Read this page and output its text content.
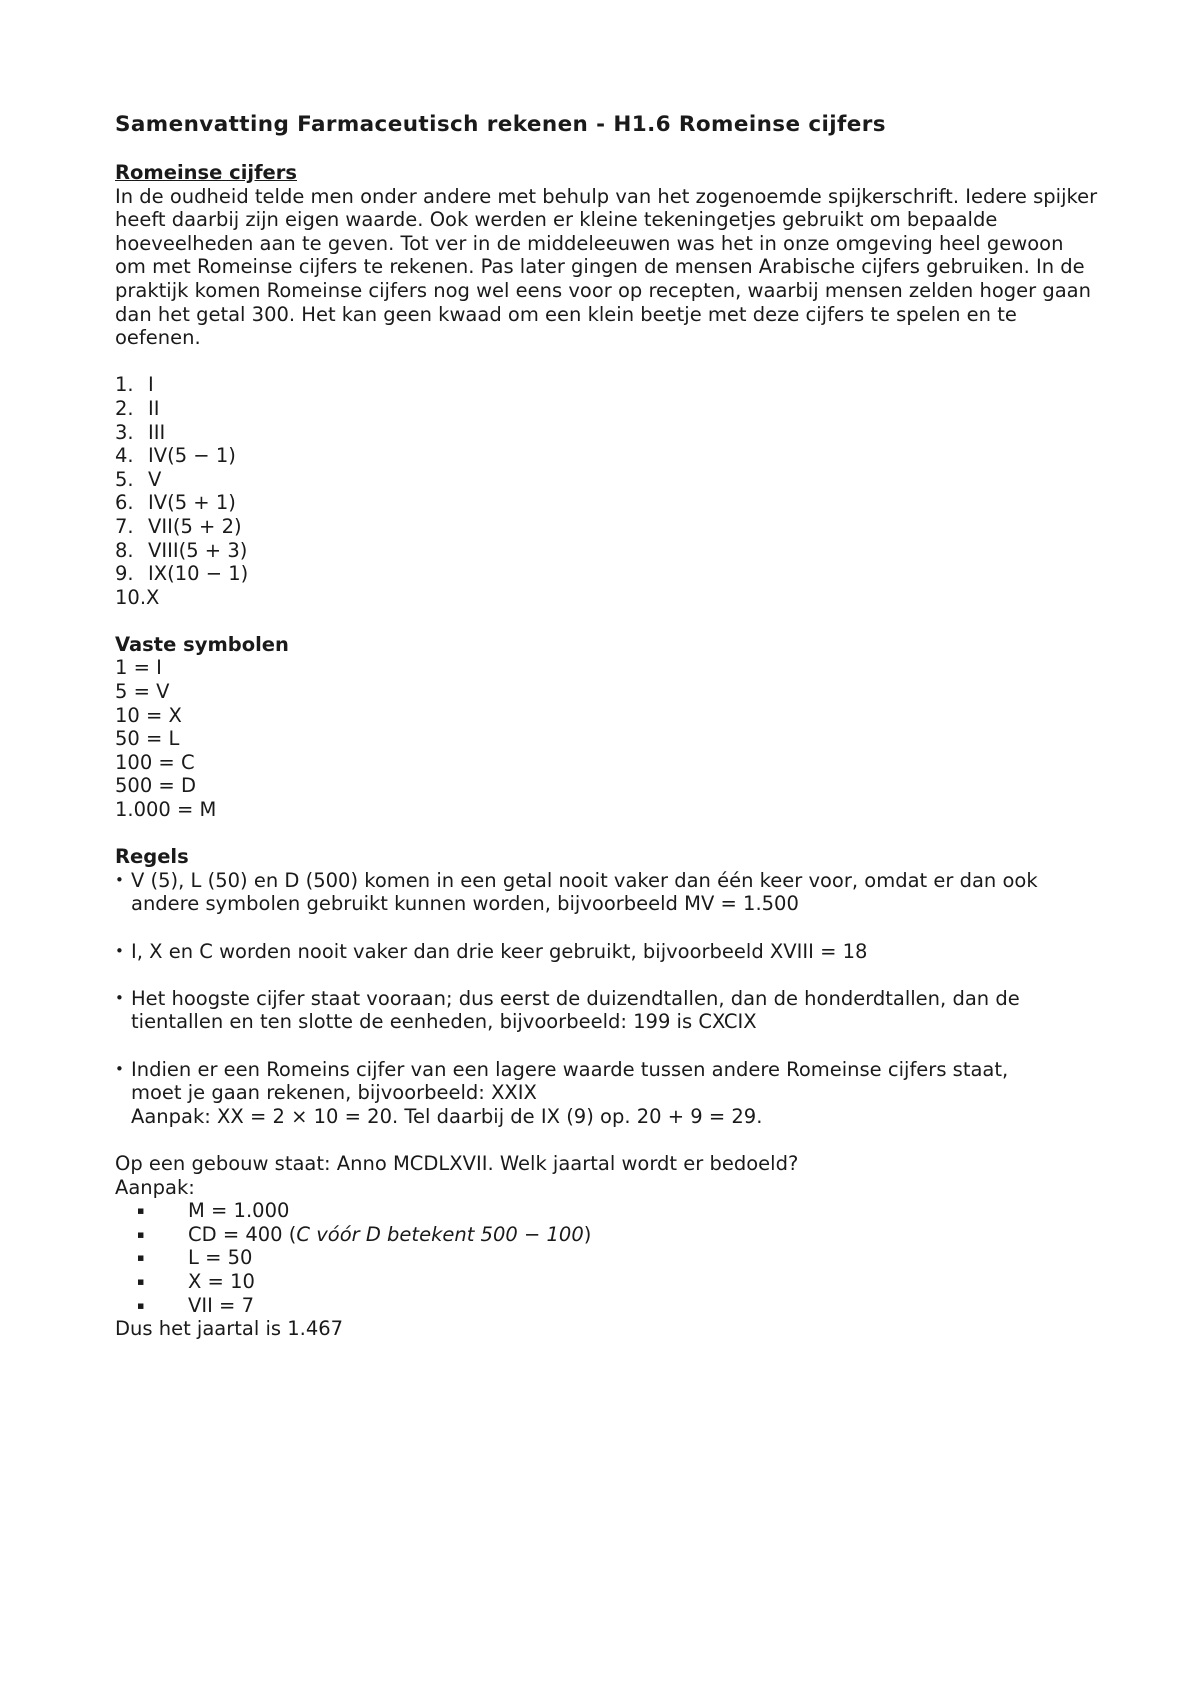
Samenvatting Farmaceutisch rekenen - H1.6 Romeinse cijfers

Romeinse cijfers

In de oudheid telde men onder andere met behulp van het zogenoemde spijkerschrift. Iedere spijker heeft daarbij zijn eigen waarde. Ook werden er kleine tekeningetjes gebruikt om bepaalde hoeveelheden aan te geven. Tot ver in de middeleeuwen was het in onze omgeving heel gewoon om met Romeinse cijfers te rekenen. Pas later gingen de mensen Arabische cijfers gebruiken. In de praktijk komen Romeinse cijfers nog wel eens voor op recepten, waarbij mensen zelden hoger gaan dan het getal 300. Het kan geen kwaad om een klein beetje met deze cijfers te spelen en te oefenen.

1. I
2. II
3. III
4. IV(5 − 1)
5. V
6. IV(5 + 1)
7. VII(5 + 2)
8. VIII(5 + 3)
9. IX(10 − 1)
10. X

Vaste symbolen

1 = I

5 = V

10 = X

50 = L

100 = C

500 = D

1.000 = M

Regels

• V (5), L (50) en D (500) komen in een getal nooit vaker dan één keer voor, omdat er dan ook

andere symbolen gebruikt kunnen worden, bijvoorbeeld MV = 1.500

• I, X en C worden nooit vaker dan drie keer gebruikt, bijvoorbeeld XVIII = 18

• Het hoogste cijfer staat vooraan; dus eerst de duizendtallen, dan de honderdtallen, dan de

tientallen en ten slotte de eenheden, bijvoorbeeld: 199 is CXCIX

• Indien er een Romeins cijfer van een lagere waarde tussen andere Romeinse cijfers staat,

moet je gaan rekenen, bijvoorbeeld: XXIX

Aanpak: XX = 2 × 10 = 20. Tel daarbij de IX (9) op. 20 + 9 = 29.

Op een gebouw staat: Anno MCDLXVII. Welk jaartal wordt er bedoeld?

Aanpak:

▪	M = 1.000
▪	CD = 400 (C vóór D betekent 500 − 100)
▪	L = 50
▪	X = 10
▪	VII = 7

Dus het jaartal is 1.467
